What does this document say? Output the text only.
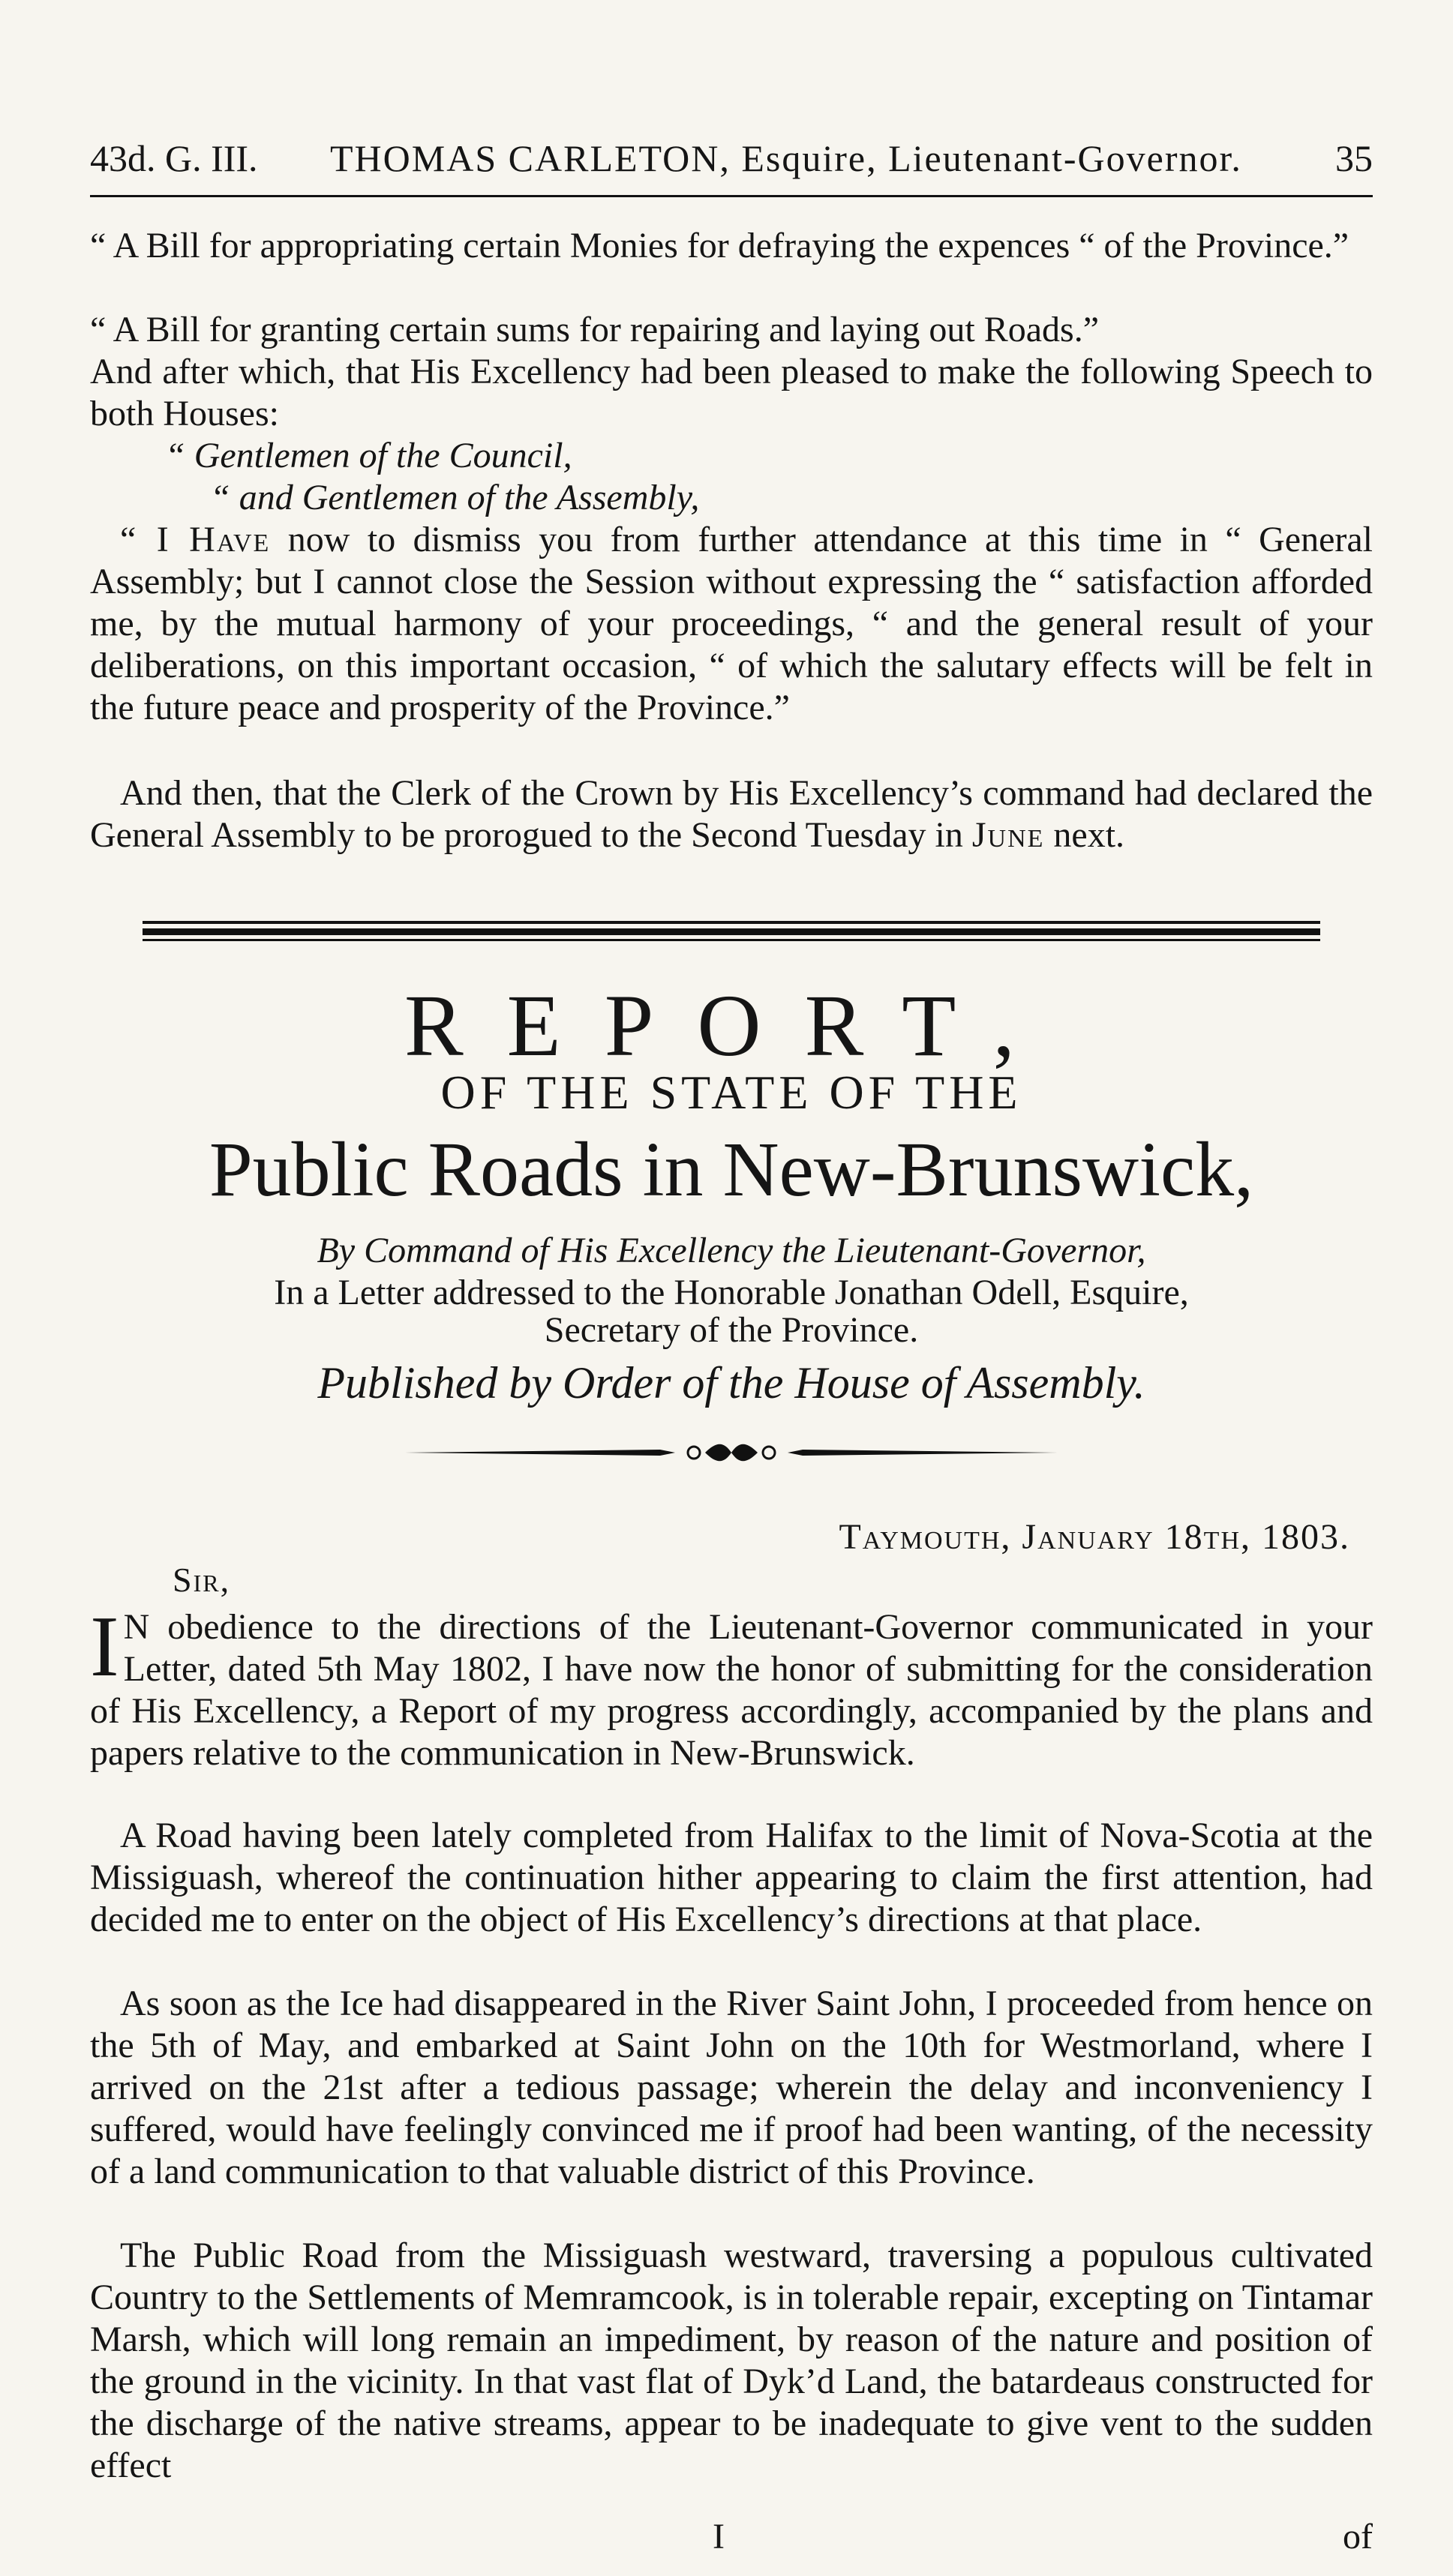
43d. G. III. THOMAS CARLETON, Esquire, Lieutenant-Governor. 35
“ A Bill for appropriating certain Monies for defraying the expences “ of the Province.”
“ A Bill for granting certain sums for repairing and laying out Roads.”
And after which, that His Excellency had been pleased to make the following Speech to both Houses:
“ Gentlemen of the Council,
“ and Gentlemen of the Assembly,
“ I Have now to dismiss you from further attendance at this time in “ General Assembly; but I cannot close the Session without expressing the “ satisfaction afforded me, by the mutual harmony of your proceedings, “ and the general result of your deliberations, on this important occasion, “ of which the salutary effects will be felt in the future peace and prosperity of the Province.”
And then, that the Clerk of the Crown by His Excellency’s command had declared the General Assembly to be prorogued to the Second Tuesday in June next.
REPORT,
OF THE STATE OF THE
Public Roads in New-Brunswick,
By Command of His Excellency the Lieutenant-Governor,
In a Letter addressed to the Honorable Jonathan Odell, Esquire,
Secretary of the Province.
Published by Order of the House of Assembly.
Taymouth, January 18th, 1803.
Sir,
I N obedience to the directions of the Lieutenant-Governor communicated in your Letter, dated 5th May 1802, I have now the honor of submitting for the consideration of His Excellency, a Report of my progress accordingly, accompanied by the plans and papers relative to the communication in New-Brunswick.
A Road having been lately completed from Halifax to the limit of Nova-Scotia at the Missiguash, whereof the continuation hither appearing to claim the first attention, had decided me to enter on the object of His Excellency’s directions at that place.
As soon as the Ice had disappeared in the River Saint John, I proceeded from hence on the 5th of May, and embarked at Saint John on the 10th for Westmorland, where I arrived on the 21st after a tedious passage; wherein the delay and inconveniency I suffered, would have feelingly convinced me if proof had been wanting, of the necessity of a land communication to that valuable district of this Province.
The Public Road from the Missiguash westward, traversing a populous cultivated Country to the Settlements of Memramcook, is in tolerable repair, excepting on Tintamar Marsh, which will long remain an impediment, by reason of the nature and position of the ground in the vicinity. In that vast flat of Dyk’d Land, the batardeaus constructed for the discharge of the native streams, appear to be inadequate to give vent to the sudden effect
I	of
